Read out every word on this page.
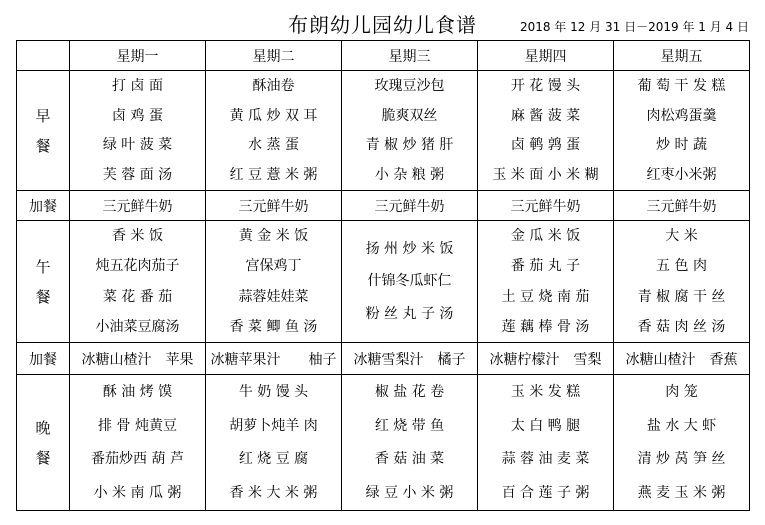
布朗幼儿园幼儿食谱	2018 年 12 月 31 日－2019 年 1 月 4 日
	星期一	星期二	星期三	星期四	星期五
早
餐	打 卤 面
卤 鸡 蛋
绿 叶 菠 菜
芙 蓉 面 汤	酥油卷
黄 瓜 炒 双 耳
水 蒸 蛋
红 豆 薏 米 粥	玫瑰豆沙包
脆爽双丝
青 椒 炒 猪 肝
小 杂 粮 粥	开 花 馒 头
麻 酱 菠 菜
卤 鹌 鹑 蛋
玉 米 面 小 米 糊	葡 萄 干 发 糕
肉松鸡蛋羹
炒 时 蔬
红枣小米粥

加餐	三元鲜牛奶	三元鲜牛奶	三元鲜牛奶	三元鲜牛奶	三元鲜牛奶
午
餐	香 米 饭
炖五花肉茄子
菜 花 番 茄
小油菜豆腐汤	黄 金 米 饭
宫保鸡丁
蒜蓉娃娃菜
香 菜 鲫 鱼 汤	扬 州 炒 米 饭
什锦冬瓜虾仁
粉 丝 丸 子 汤	金 瓜 米 饭
番 茄 丸 子
土 豆 烧 南 茄
莲 藕 棒 骨 汤	大 米
五 色 肉
青 椒 腐 干 丝
香 菇 肉 丝 汤

加餐	冰糖山楂汁　苹果	冰糖苹果汁　　柚子	冰糖雪梨汁　橘子	冰糖柠檬汁　雪梨	冰糖山楂汁　香蕉
晚
餐	酥 油 烤 馍
排 骨 炖黄豆
番茄炒西 葫 芦
小 米 南 瓜 粥	牛 奶 馒 头
胡萝卜炖羊 肉
红 烧 豆 腐
香 米 大 米 粥	椒 盐 花 卷
红 烧 带 鱼
香 菇 油 菜
绿 豆 小 米 粥	玉 米 发 糕
太 白 鸭 腿
蒜 蓉 油 麦 菜
百 合 莲 子 粥	肉 笼
盐 水 大 虾
清 炒 莴 笋 丝
燕 麦 玉 米 粥
